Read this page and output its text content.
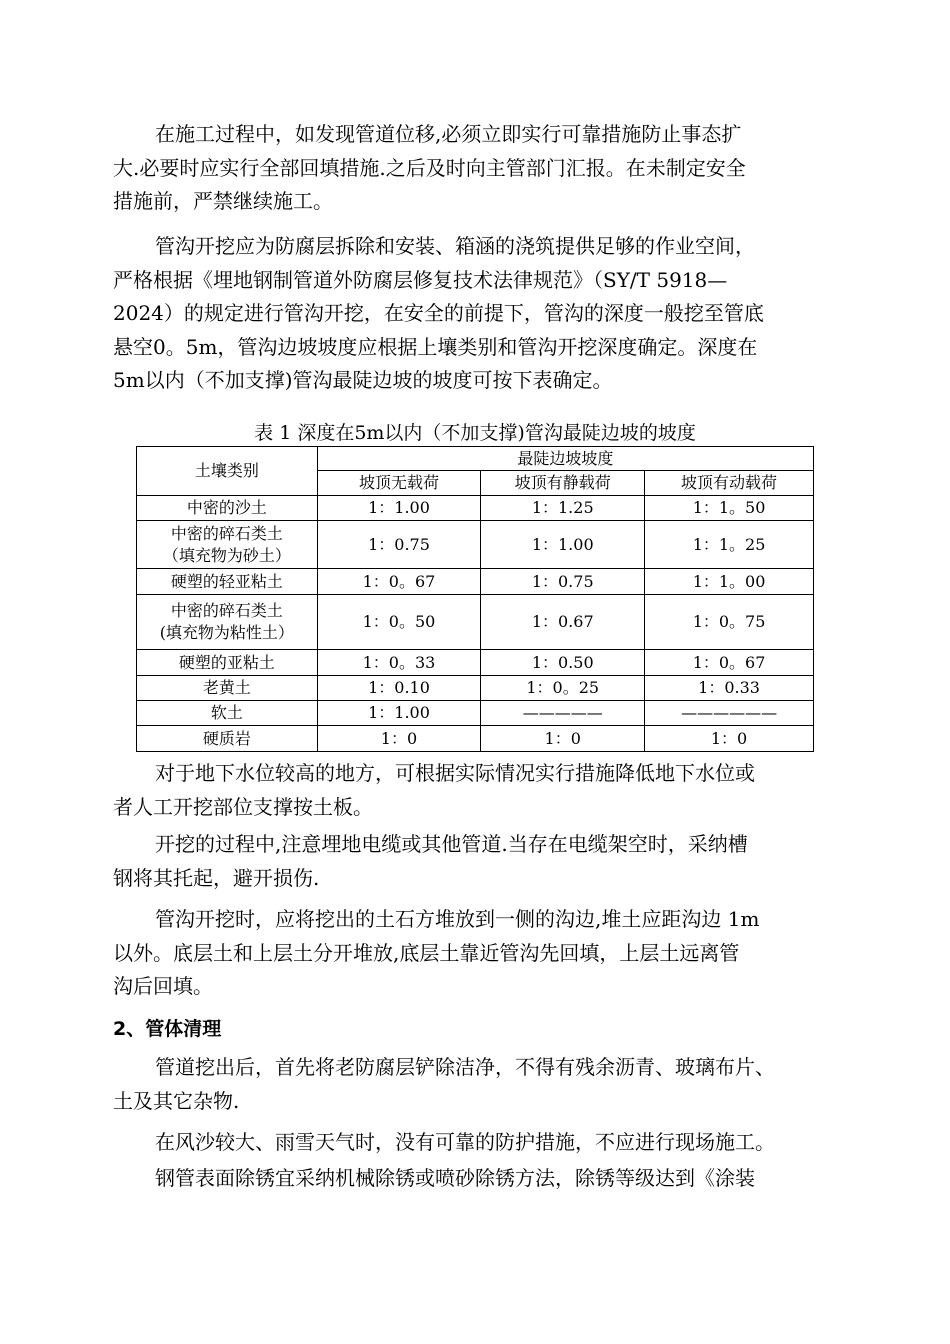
在施工过程中，如发现管道位移,必须立即实行可靠措施防止事态扩
大.必要时应实行全部回填措施.之后及时向主管部门汇报。在未制定安全
措施前，严禁继续施工。

管沟开挖应为防腐层拆除和安装、箱涵的浇筑提供足够的作业空间，
严格根据《埋地钢制管道外防腐层修复技术法律规范》（SY/T 5918—
2024）的规定进行管沟开挖，在安全的前提下，管沟的深度一般挖至管底
悬空0。5m，管沟边坡坡度应根据上壤类别和管沟开挖深度确定。深度在
5m以内（不加支撑)管沟最陡边坡的坡度可按下表确定。

表 1 深度在5m以内（不加支撑)管沟最陡边坡的坡度

土壤类别	最陡边坡坡度		
	坡顶无载荷	坡顶有静载荷	坡顶有动载荷
中密的沙土	1：1.00	1：1.25	1：1。50

中密的碎石类土
（填充物为砂土）	1：0.75	1：1.00	1：1。25
硬塑的轻亚粘土	1：0。67	1：0.75	1：1。00

中密的碎石类土
(填充物为粘性土）	1：0。50	1：0.67	1：0。75
硬塑的亚粘土	1：0。33	1：0.50	1：0。67
老黄土	1：0.10	1：0。25	1：0.33
软土	1：1.00	—————	——————
硬质岩	1：0	1：0	1：0

对于地下水位较高的地方，可根据实际情况实行措施降低地下水位或
者人工开挖部位支撑按土板。

开挖的过程中,注意埋地电缆或其他管道.当存在电缆架空时，采纳槽
钢将其托起，避开损伤.

管沟开挖时，应将挖出的土石方堆放到一侧的沟边,堆土应距沟边 1m
以外。底层土和上层土分开堆放,底层土靠近管沟先回填，上层土远离管
沟后回填。

2、管体清理

管道挖出后，首先将老防腐层铲除洁净，不得有残余沥青、玻璃布片、
土及其它杂物.

在风沙较大、雨雪天气时，没有可靠的防护措施，不应进行现场施工。

钢管表面除锈宜采纳机械除锈或喷砂除锈方法，除锈等级达到《涂装
